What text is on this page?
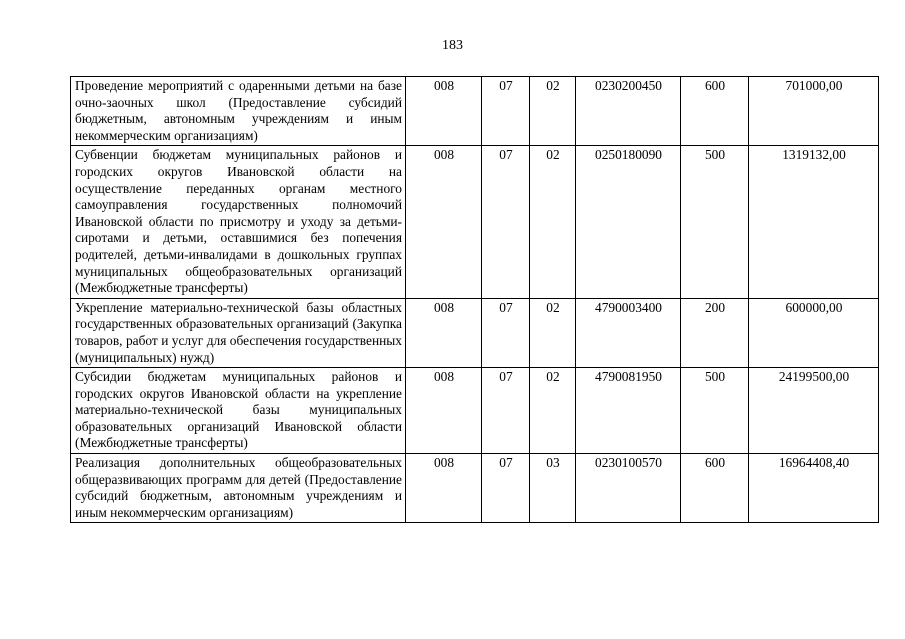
183
Проведение мероприятий с одаренными детьми на базе очно-заочных школ (Предоставление субсидий бюджетным, автономным учреждениям и иным некоммерческим организациям)	008	07	02	0230200450	600	701000,00
Субвенции бюджетам муниципальных районов и городских округов Ивановской области на осуществление переданных органам местного самоуправления государственных полномочий Ивановской области по присмотру и уходу за детьми-сиротами и детьми, оставшимися без попечения родителей, детьми-инвалидами в дошкольных группах муниципальных общеобразовательных организаций (Межбюджетные трансферты)	008	07	02	0250180090	500	1319132,00
Укрепление материально-технической базы областных государственных образовательных организаций (Закупка товаров, работ и услуг для обеспечения государственных (муниципальных) нужд)	008	07	02	4790003400	200	600000,00
Субсидии бюджетам муниципальных районов и городских округов Ивановской области на укрепление материально-технической базы муниципальных образовательных организаций Ивановской области (Межбюджетные трансферты)	008	07	02	4790081950	500	24199500,00
Реализация дополнительных общеобразовательных общеразвивающих программ для детей (Предоставление субсидий бюджетным, автономным учреждениям и иным некоммерческим организациям)	008	07	03	0230100570	600	16964408,40
